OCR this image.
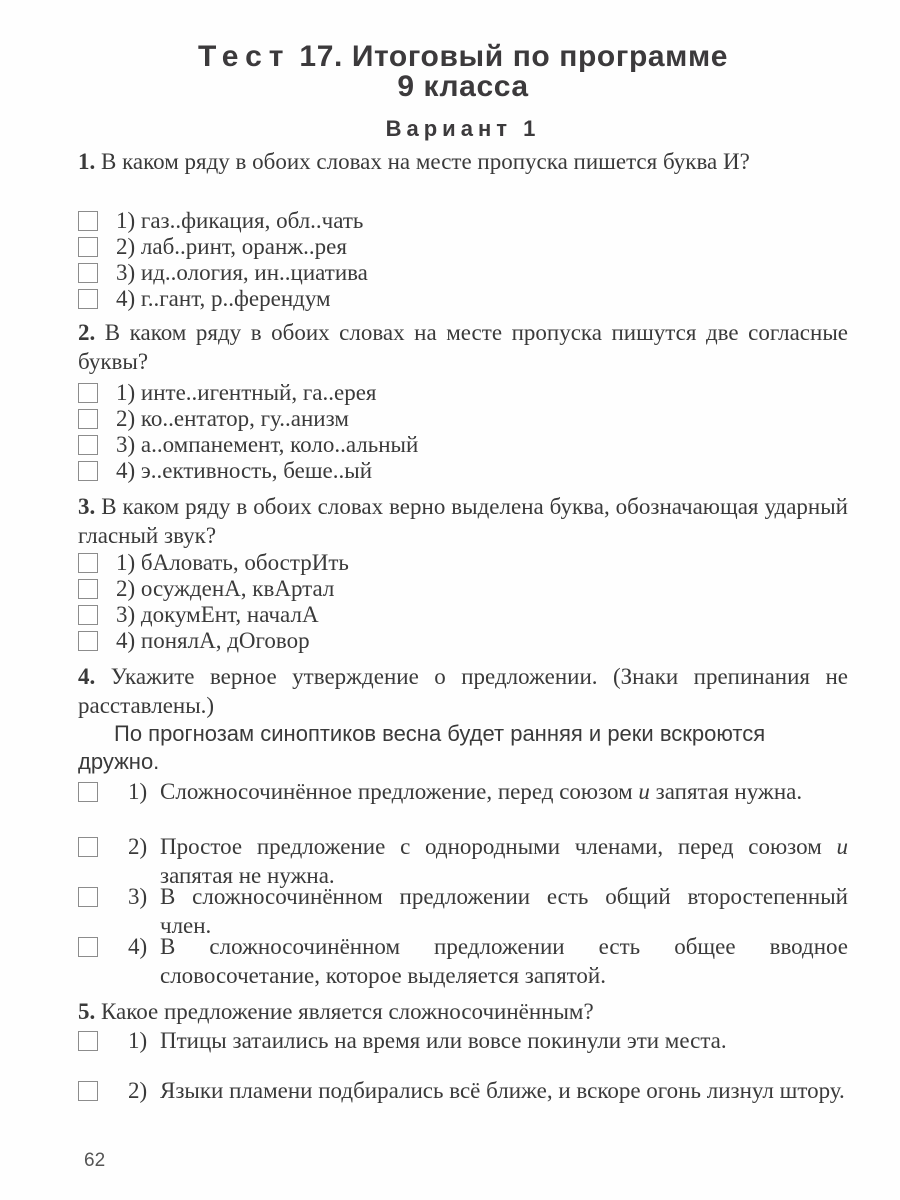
Тест 17. Итоговый по программе
9 класса
Вариант 1
1. В каком ряду в обоих словах на месте пропуска пишется буква И?
1) газ..фикация, обл..чать
2) лаб..ринт, оранж..рея
3) ид..ология, ин..циатива
4) г..гант, р..ферендум
2. В каком ряду в обоих словах на месте пропуска пишутся две согласные буквы?
1) инте..игентный, га..ерея
2) ко..ентатор, гу..анизм
3) а..омпанемент, коло..альный
4) э..ективность, беше..ый
3. В каком ряду в обоих словах верно выделена буква, обозначающая ударный гласный звук?
1) бАловать, обострИть
2) осужденА, квАртал
3) докумЕнт, началА
4) понялА, дОговор
4. Укажите верное утверждение о предложении. (Знаки препинания не расставлены.)
По прогнозам синоптиков весна будет ранняя и реки вскроются дружно.
1) Сложносочинённое предложение, перед союзом и запятая нужна.
2) Простое предложение с однородными членами, перед союзом и запятая не нужна.
3) В сложносочинённом предложении есть общий второстепенный член.
4) В сложносочинённом предложении есть общее вводное словосочетание, которое выделяется запятой.
5. Какое предложение является сложносочинённым?
1) Птицы затаились на время или вовсе покинули эти места.
2) Языки пламени подбирались всё ближе, и вскоре огонь лизнул штору.
62
